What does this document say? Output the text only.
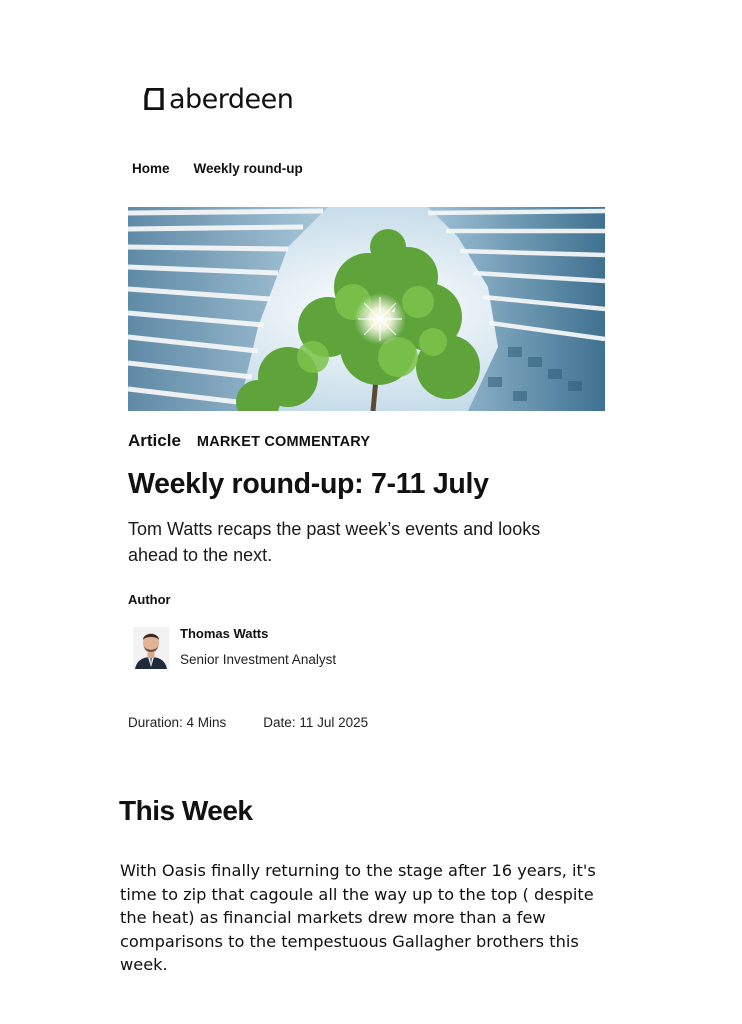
aberdeen
Home Weekly round-up
Article MARKET COMMENTARY
Weekly round-up: 7-11 July

Tom Watts recaps the past week’s events and looks ahead to the next.

Author
Thomas Watts
Senior Investment Analyst
Duration: 4 Mins	Date: 11 Jul 2025
This Week

With Oasis finally returning to the stage after 16 years, it's time to zip that cagoule all the way up to the top ( despite the heat) as financial markets drew more than a few comparisons to the tempestuous Gallagher brothers this week.
